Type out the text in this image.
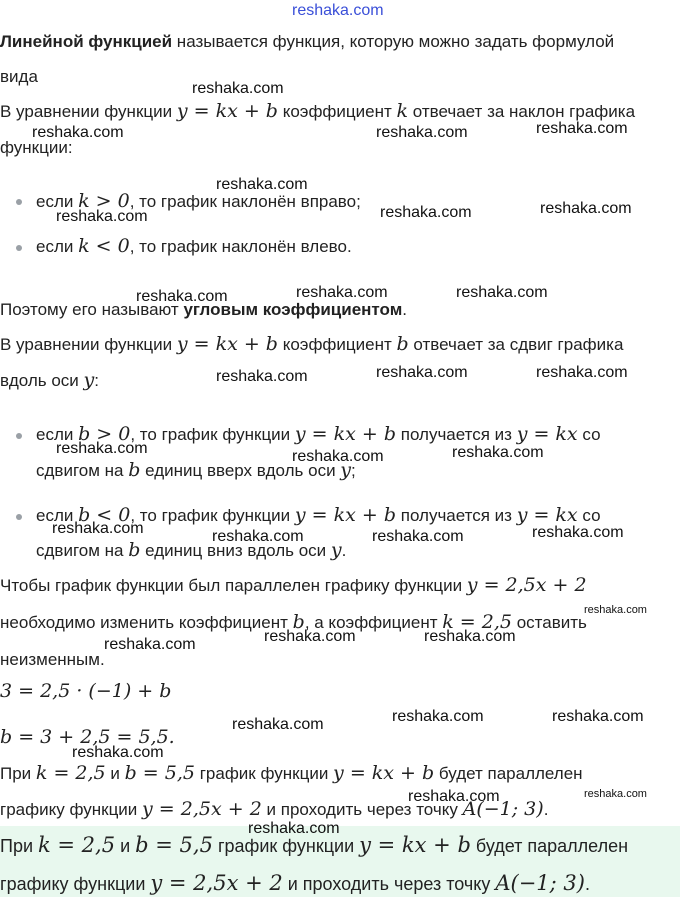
reshaka.com
Линейной функцией называется функция, которую можно задать формулой
вида
В уравнении функции y = kx + b коэффициент k отвечает за наклон графика
функции:
если k > 0, то график наклонён вправо;
если k < 0, то график наклонён влево.
Поэтому его называют угловым коэффициентом.
В уравнении функции y = kx + b коэффициент b отвечает за сдвиг графика
вдоль оси y:
если b > 0, то график функции y = kx + b получается из y = kx со
сдвигом на b единиц вверх вдоль оси y;
если b < 0, то график функции y = kx + b получается из y = kx со
сдвигом на b единиц вниз вдоль оси y.
Чтобы график функции был параллелен графику функции y = 2,5x + 2
необходимо изменить коэффициент b, а коэффициент k = 2,5 оставить
неизменным.
3 = 2,5 · (−1) + b
b = 3 + 2,5 = 5,5.
При k = 2,5 и b = 5,5 график функции y = kx + b будет параллелен
графику функции y = 2,5x + 2 и проходить через точку A(−1; 3).
При k = 2,5 и b = 5,5 график функции y = kx + b будет параллелен
графику функции y = 2,5x + 2 и проходить через точку A(−1; 3).
reshaka.com
reshaka.com	reshaka.com	reshaka.com
reshaka.com
reshaka.com	reshaka.com	reshaka.com
reshaka.com	reshaka.com	reshaka.com
reshaka.com	reshaka.com	reshaka.com
reshaka.com	reshaka.com	reshaka.com
reshaka.com	reshaka.com	reshaka.com	reshaka.com
reshaka.com
reshaka.com	reshaka.com	reshaka.com
reshaka.com	reshaka.com	reshaka.com
reshaka.com
reshaka.com	reshaka.com
reshaka.com
